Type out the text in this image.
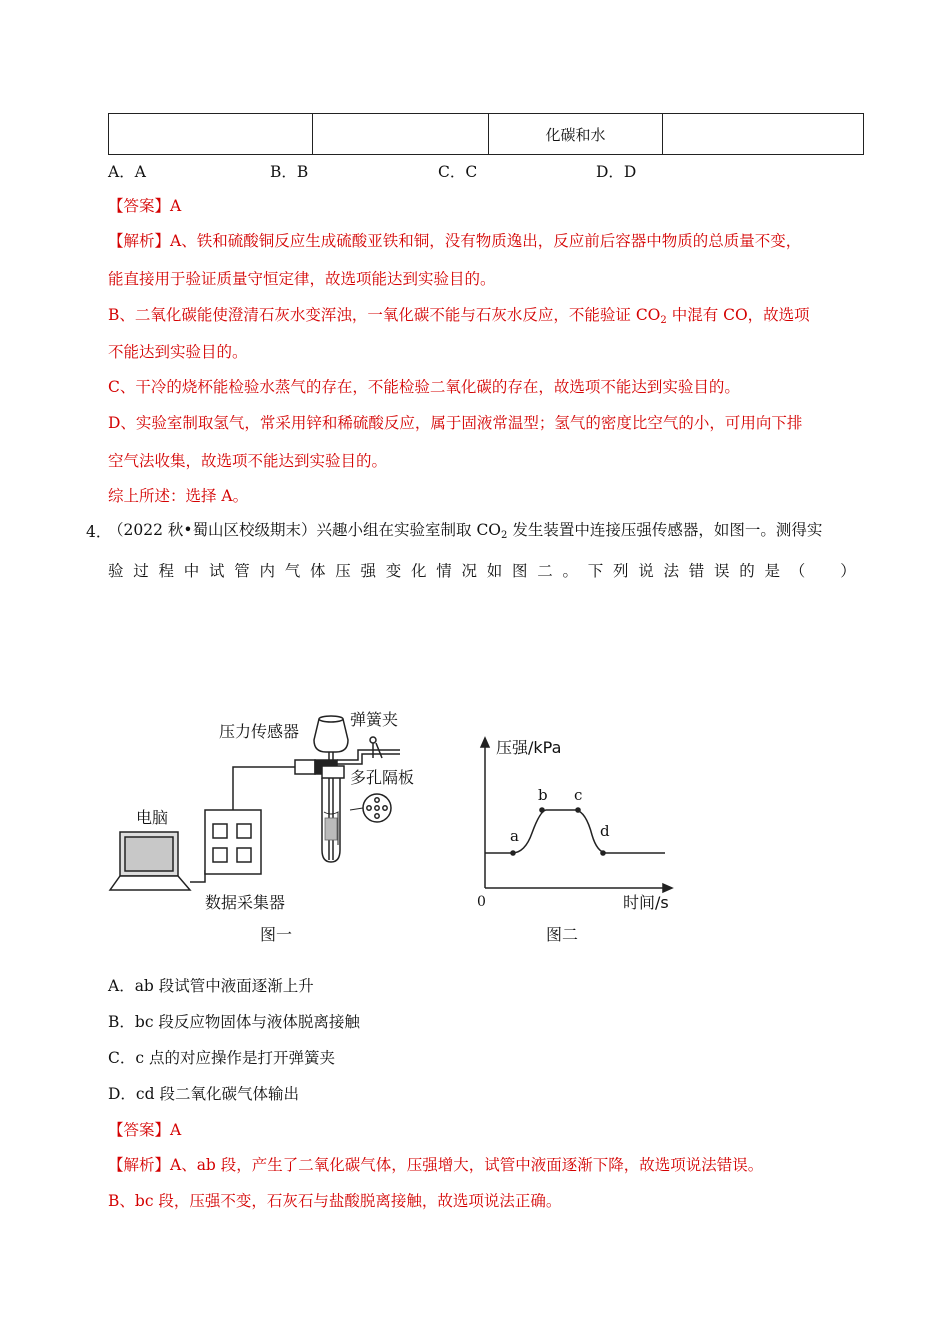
		化碳和水	
A．A	B．B	C．C	D．D
【答案】A
【解析】A、铁和硫酸铜反应生成硫酸亚铁和铜，没有物质逸出，反应前后容器中物质的总质量不变，
能直接用于验证质量守恒定律，故选项能达到实验目的。
B、二氧化碳能使澄清石灰水变浑浊，一氧化碳不能与石灰水反应，不能验证 $CO_2$ 中混有 CO，故选项
不能达到实验目的。
C、干冷的烧杯能检验水蒸气的存在，不能检验二氧化碳的存在，故选项不能达到实验目的。
D、实验室制取氢气，常采用锌和稀硫酸反应，属于固液常温型；氢气的密度比空气的小，可用向下排
空气法收集，故选项不能达到实验目的。
综上所述：选择 A。
4．
（2022 秋•蜀山区校级期末）兴趣小组在实验室制取 $CO_2$ 发生装置中连接压强传感器，如图一。测得实
验 过 程 中 试 管 内 气 体 压 强 变 化 情 况 如 图 二 。 下 列 说 法 错 误 的 是 （
　 ）
a
b c
d
压力传感器
弹簧夹
多孔隔板
电脑
数据采集器
图一
压强/kPa
时间/s
图二
0
A．ab 段试管中液面逐渐上升
B．bc 段反应物固体与液体脱离接触
C．c 点的对应操作是打开弹簧夹
D．cd 段二氧化碳气体输出
【答案】A
【解析】A、ab 段，产生了二氧化碳气体，压强增大，试管中液面逐渐下降，故选项说法错误。
B、bc 段，压强不变，石灰石与盐酸脱离接触，故选项说法正确。
